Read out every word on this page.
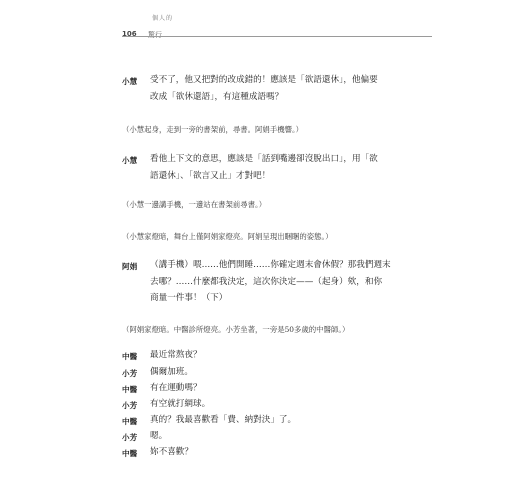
個人的
106 驚行
小慧 受不了，他又把對的改成錯的！應該是「欲語還休」，他偏要
改成「欲休還語」，有這種成語嗎？
（小慧起身，走到一旁的書架前，尋書。阿娟手機響。）
小慧 看他上下文的意思，應該是「話到嘴邊卻沒脫出口」，用「欲
語還休」、「欲言又止」才對吧！
（小慧一邊講手機，一邊站在書架前尋書。）
（小慧家燈暗，舞台上僅阿娟家燈亮。阿娟呈現出睏睏的姿態。）
阿娟 （講手機）喂……他們開睡……你確定週末會休假？那我們週末
去哪？……什麼都我決定，這次你決定——（起身）欸，和你
商量一件事！（下）
（阿娟家燈暗。中醫診所燈亮。小芳坐著，一旁是50多歲的中醫師。）
中醫 最近常熬夜？
小芳 偶爾加班。
中醫 有在運動嗎？
小芳 有空就打網球。
中醫 真的？我最喜歡看「費、納對決」了。
小芳 嗯。
中醫 妳不喜歡？
